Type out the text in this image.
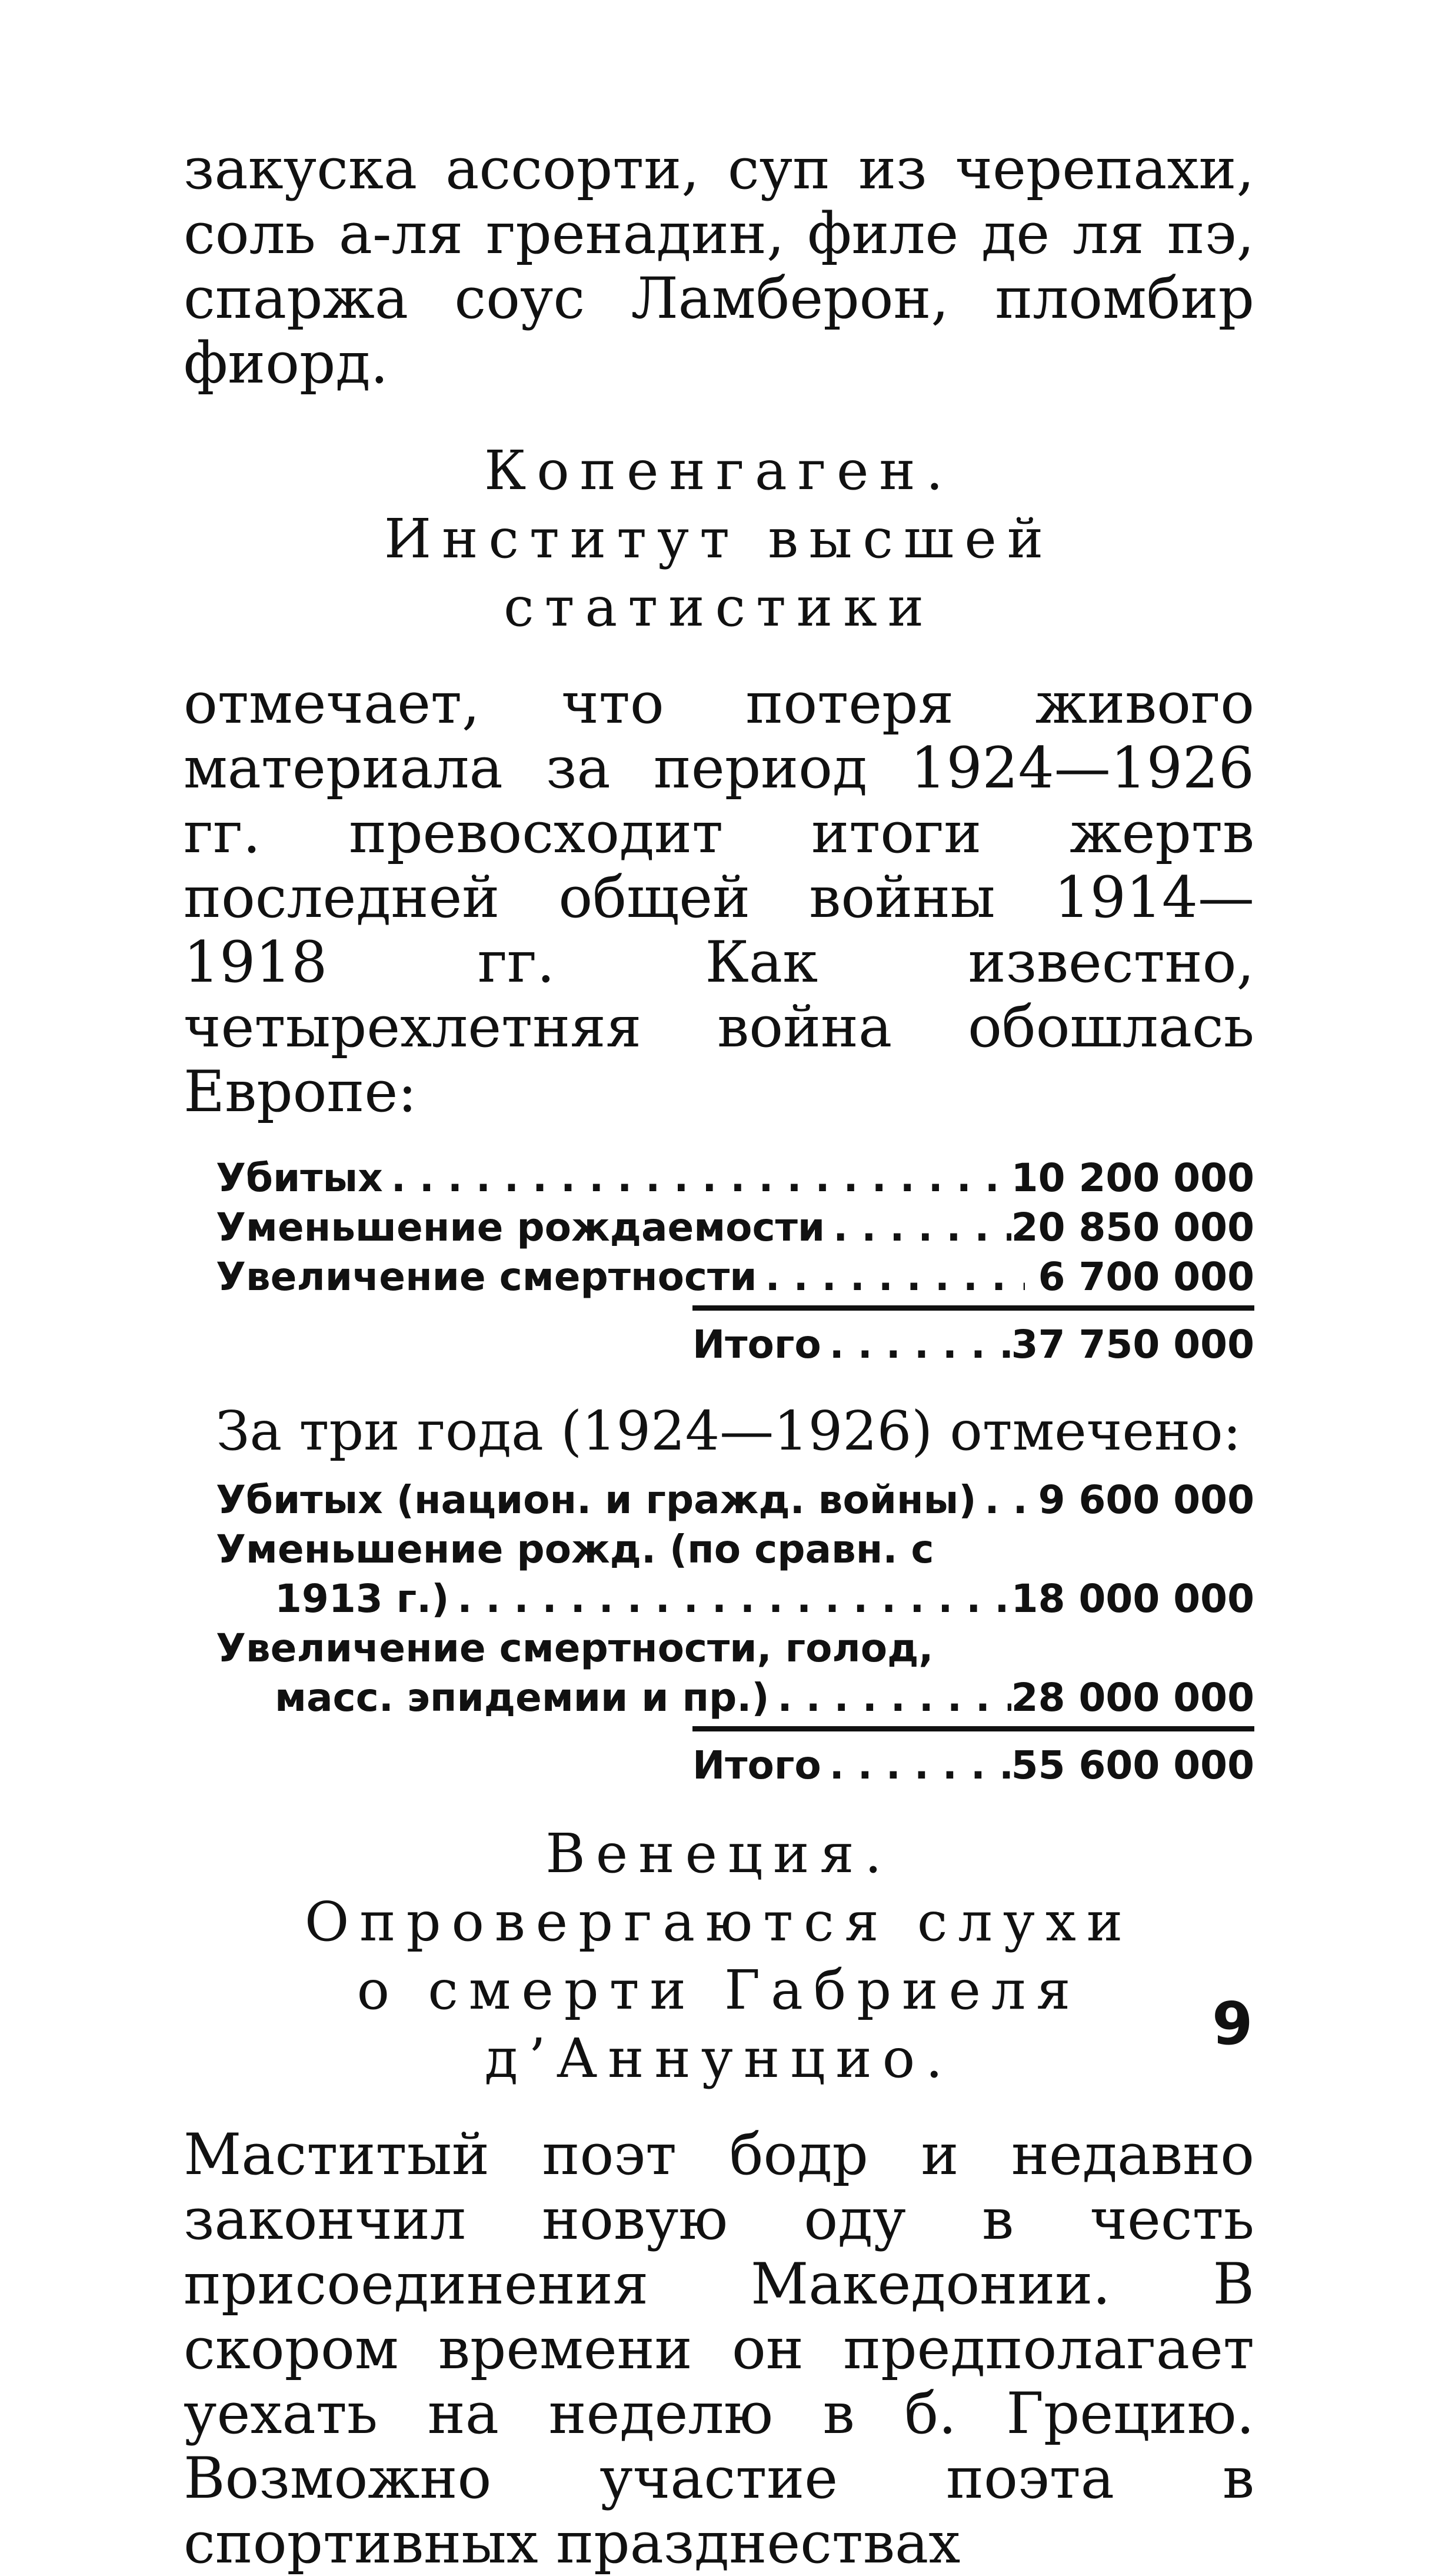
закуска ассорти, суп из черепахи, соль а-ля гренадин, филе де ля пэ, спаржа соус Ламберон, пломбир фиорд.

Копенгаген.

Институт высшей статистики

отмечает, что потеря живого материала за период 1924—1926 гг. превосходит итоги жертв последней общей войны 1914—1918 гг. Как известно, четырехлетняя война обошлась Европе:

Убитых . . .	10 200 000
Уменьшение рождаемости . . .	20 850 000
Увеличение смертности . . .	6 700 000
Итого . . .	37 750 000

За три года (1924—1926) отмечено:

Убитых (национ. и гражд. войны) . . .	9 600 000
Уменьшение рожд. (по сравн. с
1913 г.) . . .	18 000 000
Увеличение смертности, голод,
масс. эпидемии и пр.) . . .	28 000 000
Итого . . .	55 600 000

Венеция.

Опровергаются слухи

о смерти Габриеля д’Аннунцио.

Маститый поэт бодр и недавно закончил новую оду в честь присоединения Македонии. В скором времени он предполагает уехать на неделю в б. Грецию. Возможно участие поэта в спортивных празднествах

9
